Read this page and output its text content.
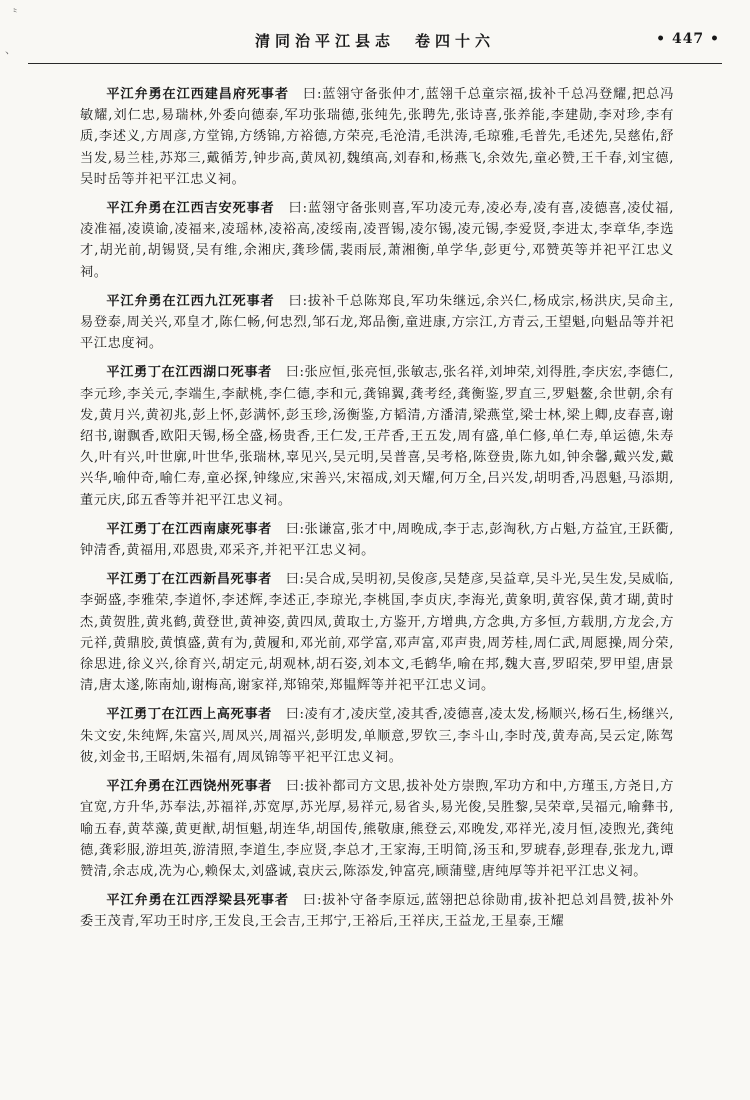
〝
、	清同治平江县志　卷四十六	• 447 •

平江弁勇在江西建昌府死事者　曰:蓝翎守备张仲才,蓝翎千总童宗福,拔补千总冯登耀,把总冯敏耀,刘仁忠,易瑞林,外委向德泰,军功张瑞德,张纯先,张聘先,张诗喜,张养能,李建勋,李对珍,李有质,李述义,方周彦,方堂锦,方绣锦,方裕德,方荣亮,毛沧清,毛洪涛,毛琼雅,毛普先,毛述先,吴慈佑,舒当发,易兰桂,苏郑三,戴循芳,钟步高,黄凤初,魏缜高,刘春和,杨燕飞,余效先,童必赞,王千春,刘宝德,吴时岳等并祀平江忠义祠。

平江弁勇在江西吉安死事者　曰:蓝翎守备张则喜,军功凌元寿,凌必寿,凌有喜,凌德喜,凌仗福,凌准福,凌谟谕,凌福来,凌瑶林,凌裕高,凌绥南,凌晋锡,凌尔锡,凌元锡,李爱贤,李进太,李章华,李选才,胡光前,胡锡贤,吴有维,余湘庆,龚珍儒,裴雨辰,萧湘衡,单学华,彭更兮,邓赞英等并祀平江忠义祠。

平江弁勇在江西九江死事者　曰:拔补千总陈郑良,军功朱继远,余兴仁,杨成宗,杨洪庆,吴命主,易登泰,周关兴,邓皇才,陈仁畅,何忠烈,邹石龙,郑品衡,童进康,方宗江,方青云,王望魁,向魁品等并祀平江忠度祠。

平江勇丁在江西湖口死事者　曰:张应恒,张亮恒,张敏志,张名祥,刘坤荣,刘得胜,李庆宏,李德仁,李元珍,李关元,李端生,李献桃,李仁德,李和元,龚锦翼,龚考经,龚衡鉴,罗直三,罗魁鳌,余世朝,余有发,黄月兴,黄初兆,彭上怀,彭满怀,彭玉珍,汤衡鉴,方韬清,方潘清,梁燕堂,梁士林,梁上卿,皮春喜,谢绍书,谢飘香,欧阳天锡,杨全盛,杨贵香,王仁发,王芹香,王五发,周有盛,单仁修,单仁寿,单运德,朱寿久,叶有兴,叶世廓,叶世华,张瑞林,辜见兴,吴元明,吴普喜,吴考格,陈登贵,陈九如,钟余馨,戴兴发,戴兴华,喻仲奇,喻仁寿,童必探,钟缘应,宋善兴,宋福成,刘天耀,何万全,吕兴发,胡明香,冯恩魁,马添期,董元庆,邱五香等并祀平江忠义祠。

平江勇丁在江西南康死事者　曰:张谦富,张才中,周晚成,李于志,彭淘秋,方占魁,方益宜,王跃衢,钟清香,黄福用,邓恩贵,邓采齐,并祀平江忠义祠。

平江勇丁在江西新昌死事者　曰:吴合成,吴明初,吴俊彦,吴楚彦,吴益章,吴斗光,吴生发,吴威临,李弼盛,李雅荣,李道怀,李述辉,李述正,李琼光,李桃国,李贞庆,李海光,黄象明,黄容保,黄才瑚,黄时杰,黄贺胜,黄兆鹤,黄登世,黄神姿,黄四凤,黄取士,方鉴开,方增典,方念典,方多恒,方载朋,方龙会,方元祥,黄鼎胶,黄慎盛,黄有为,黄履和,邓光前,邓学富,邓声富,邓声贵,周芳桂,周仁武,周愿操,周分荣,徐思进,徐义兴,徐育兴,胡定元,胡观林,胡石姿,刘本文,毛鹤华,喻在邦,魏大喜,罗昭荣,罗甲望,唐景清,唐太遂,陈南灿,谢梅高,谢家祥,郑锦荣,郑韫辉等并祀平江忠义词。

平江勇丁在江西上高死事者　曰:凌有才,凌庆堂,凌其香,凌德喜,凌太发,杨顺兴,杨石生,杨继兴,朱文安,朱纯辉,朱富兴,周凤兴,周福兴,彭明发,单顺意,罗钦三,李斗山,李时茂,黄寿高,吴云定,陈驾彼,刘金书,王昭炳,朱福有,周凤锦等平祀平江忠义祠。

平江弁勇在江西饶州死事者　曰:拔补都司方文思,拔补处方崇煦,军功方和中,方瑾玉,方尧日,方宜宽,方升华,苏奉法,苏福祥,苏宽厚,苏光厚,易祥元,易省头,易光俊,吴胜黎,吴荣章,吴福元,喻彝书,喻五春,黄萃藻,黄更猷,胡恒魁,胡连华,胡国传,熊敬康,熊登云,邓晚发,邓祥光,凌月恒,凌煦光,龚纯德,龚彩服,游坦英,游清照,李道生,李应贤,李总才,王家海,王明简,汤玉和,罗琥春,彭理春,张龙九,谭赞清,余志成,冼为心,赖保太,刘盛诚,袁庆云,陈添发,钟富亮,顾蒲璧,唐纯厚等并祀平江忠义祠。

平江弁勇在江西浮梁县死事者　曰:拔补守备李原远,蓝翎把总徐勋甫,拔补把总刘昌赞,拔补外委王茂青,军功王时序,王发良,王会吉,王邦宁,王裕后,王祥庆,王益龙,王星泰,王耀
